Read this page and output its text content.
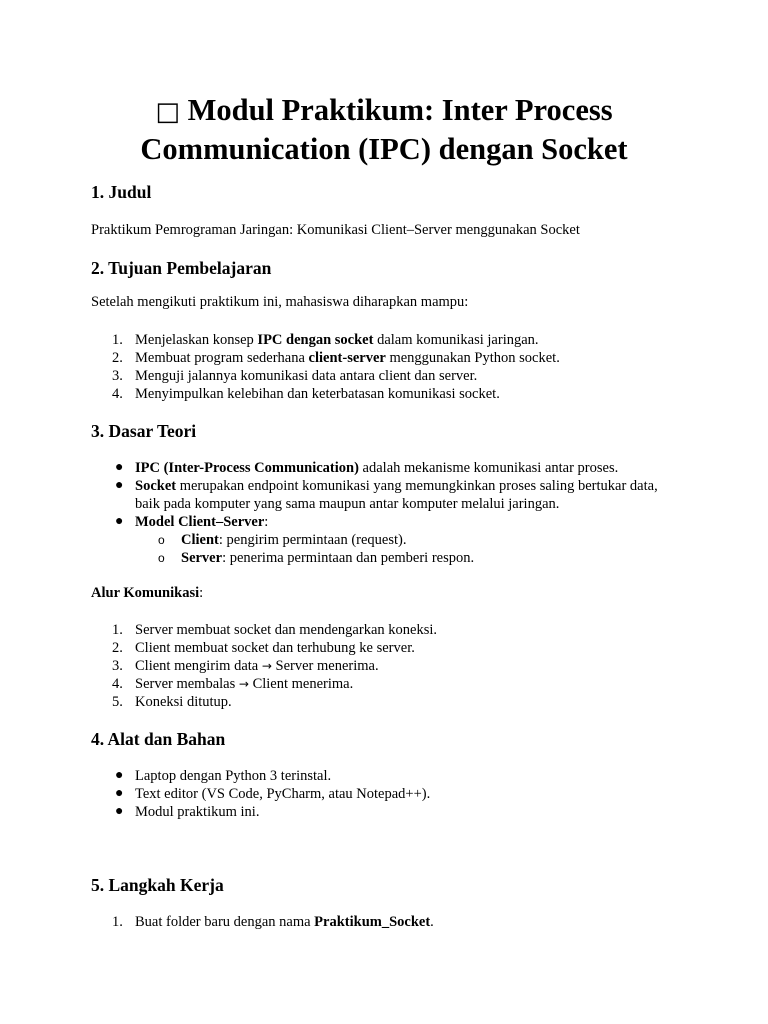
□ Modul Praktikum: Inter Process
Communication (IPC) dengan Socket
1. Judul
Praktikum Pemrograman Jaringan: Komunikasi Client–Server menggunakan Socket
2. Tujuan Pembelajaran
Setelah mengikuti praktikum ini, mahasiswa diharapkan mampu:
1. Menjelaskan konsep IPC dengan socket dalam komunikasi jaringan.
2. Membuat program sederhana client-server menggunakan Python socket.
3. Menguji jalannya komunikasi data antara client dan server.
4. Menyimpulkan kelebihan dan keterbatasan komunikasi socket.
3. Dasar Teori
● IPC (Inter-Process Communication) adalah mekanisme komunikasi antar proses.
● Socket merupakan endpoint komunikasi yang memungkinkan proses saling bertukar data, baik pada komputer yang sama maupun antar komputer melalui jaringan.
● Model Client–Server:
o Client: pengirim permintaan (request).
o Server: penerima permintaan dan pemberi respon.
Alur Komunikasi:
1. Server membuat socket dan mendengarkan koneksi.
2. Client membuat socket dan terhubung ke server.
3. Client mengirim data → Server menerima.
4. Server membalas → Client menerima.
5. Koneksi ditutup.
4. Alat dan Bahan
● Laptop dengan Python 3 terinstal.
● Text editor (VS Code, PyCharm, atau Notepad++).
● Modul praktikum ini.
5. Langkah Kerja
1. Buat folder baru dengan nama Praktikum_Socket.
